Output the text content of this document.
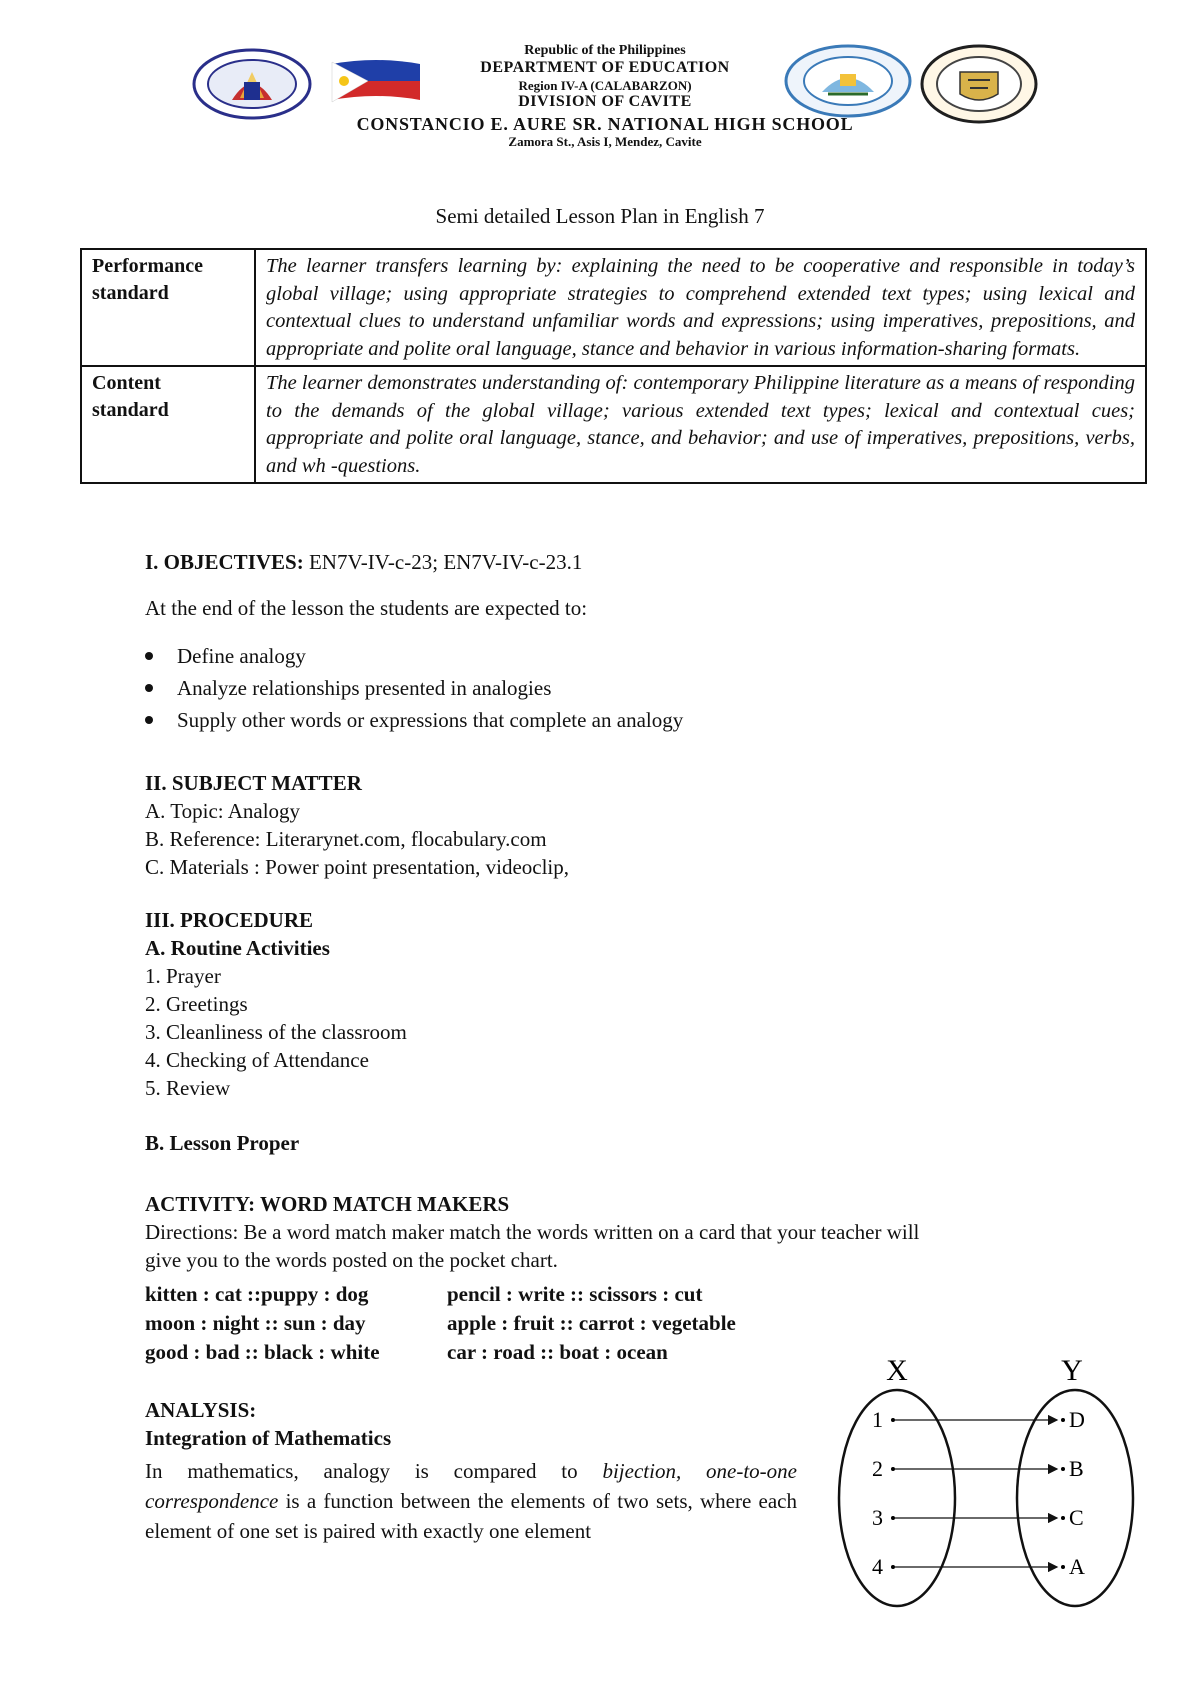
Republic of the Philippines
DEPARTMENT OF EDUCATION
Region IV-A (CALABARZON)
DIVISION OF CAVITE
CONSTANCIO E. AURE SR. NATIONAL HIGH SCHOOL
Zamora St., Asis I, Mendez, Cavite
Semi detailed Lesson Plan in English 7
Performance
standard	The learner transfers learning by: explaining the need to be cooperative and responsible in today’s global village; using appropriate strategies to comprehend extended text types; using lexical and contextual clues to understand unfamiliar words and expressions; using imperatives, prepositions, and appropriate and polite oral language, stance and behavior in various information-sharing formats.

Content
standard	The learner demonstrates understanding of: contemporary Philippine literature as a means of responding to the demands of the global village; various extended text types; lexical and contextual cues; appropriate and polite oral language, stance, and behavior; and use of imperatives, prepositions, verbs, and wh -questions.
I. OBJECTIVES: EN7V-IV-c-23; EN7V-IV-c-23.1
At the end of the lesson the students are expected to:
Define analogy
Analyze relationships presented in analogies
Supply other words or expressions that complete an analogy
II. SUBJECT MATTER
A. Topic: Analogy
B. Reference: Literarynet.com, flocabulary.com
C. Materials : Power point presentation, videoclip,
III. PROCEDURE
A. Routine Activities
1. Prayer
2. Greetings
3. Cleanliness of the classroom
4. Checking of Attendance
5. Review
B. Lesson Proper
ACTIVITY: WORD MATCH MAKERS
Directions: Be a word match maker match the words written on a card that your teacher will
give you to the words posted on the pocket chart.
kitten : cat ::puppy : dog	pencil : write :: scissors : cut
moon : night :: sun : day	apple : fruit :: carrot : vegetable
good : bad :: black : white	car : road :: boat : ocean
ANALYSIS:
Integration of Mathematics
In mathematics, analogy is compared to bijection, one-to-one correspondence is a function between the elements of two sets, where each element of one set is paired with exactly one element
X	Y
1	D
2	B
3	C
4	A
